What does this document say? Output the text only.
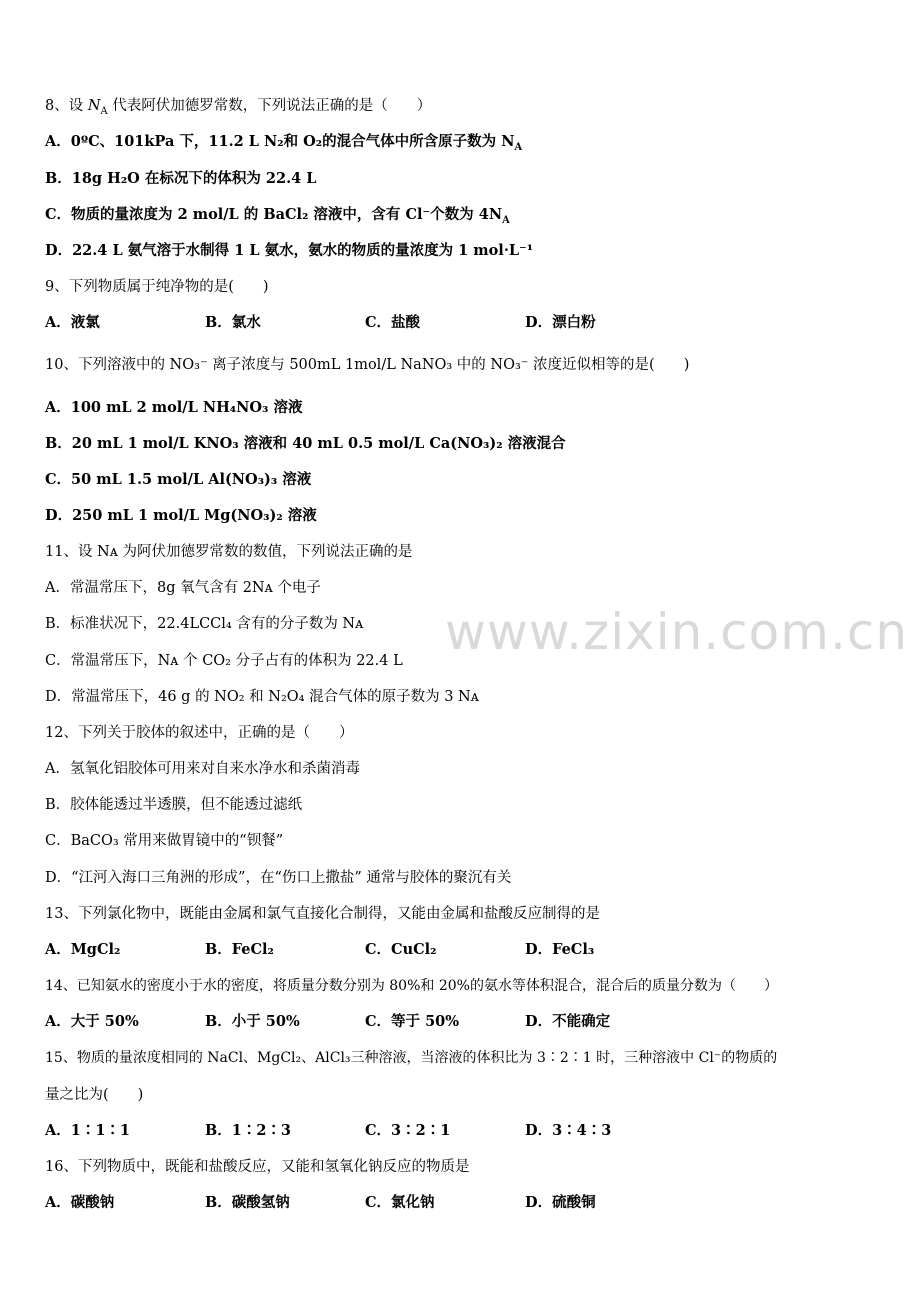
www.zixin.com.cn
8、设 $N_A$ 代表阿伏加德罗常数，下列说法正确的是（　　）
A．0ºC、101kPa 下，11.2 L N₂和 O₂的混合气体中所含原子数为 $N_A$
B．18g H₂O 在标况下的体积为 22.4 L
C．物质的量浓度为 2 mol/L 的 BaCl₂ 溶液中，含有 Cl⁻个数为 $4N_A$
D．22.4 L 氨气溶于水制得 1 L 氨水，氨水的物质的量浓度为 1 mol·L⁻¹
9、下列物质属于纯净物的是(　　)
A．液氯	B．氯水	C．盐酸	D．漂白粉
10、下列溶液中的 NO₃⁻ 离子浓度与 500mL 1mol/L NaNO₃ 中的 NO₃⁻ 浓度近似相等的是(　　)
A．100 mL 2 mol/L NH₄NO₃ 溶液
B．20 mL 1 mol/L KNO₃ 溶液和 40 mL 0.5 mol/L Ca(NO₃)₂ 溶液混合
C．50 mL 1.5 mol/L Al(NO₃)₃ 溶液
D．250 mL 1 mol/L Mg(NO₃)₂ 溶液
11、设 Nᴀ 为阿伏加德罗常数的数值，下列说法正确的是
A．常温常压下，8g 氧气含有 2Nᴀ 个电子
B．标准状况下，22.4LCCl₄ 含有的分子数为 Nᴀ
C．常温常压下，Nᴀ 个 CO₂ 分子占有的体积为 22.4 L
D．常温常压下，46 g 的 NO₂ 和 N₂O₄ 混合气体的原子数为 3 Nᴀ
12、下列关于胶体的叙述中，正确的是（　　）
A．氢氧化铝胶体可用来对自来水净水和杀菌消毒
B．胶体能透过半透膜，但不能透过滤纸
C．BaCO₃ 常用来做胃镜中的“钡餐”
D．“江河入海口三角洲的形成”，在“伤口上撒盐” 通常与胶体的聚沉有关
13、下列氯化物中，既能由金属和氯气直接化合制得，又能由金属和盐酸反应制得的是
A．MgCl₂	B．FeCl₂	C．CuCl₂	D．FeCl₃
14、已知氨水的密度小于水的密度，将质量分数分别为 80%和 20%的氨水等体积混合，混合后的质量分数为（　　）
A．大于 50%	B．小于 50%	C．等于 50%	D．不能确定
15、物质的量浓度相同的 NaCl、MgCl₂、AlCl₃三种溶液，当溶液的体积比为 3∶2∶1 时，三种溶液中 Cl⁻的物质的
量之比为(　　)
A．1∶1∶1	B．1∶2∶3	C．3∶2∶1	D．3∶4∶3
16、下列物质中，既能和盐酸反应，又能和氢氧化钠反应的物质是
A．碳酸钠	B．碳酸氢钠	C．氯化钠	D．硫酸铜
